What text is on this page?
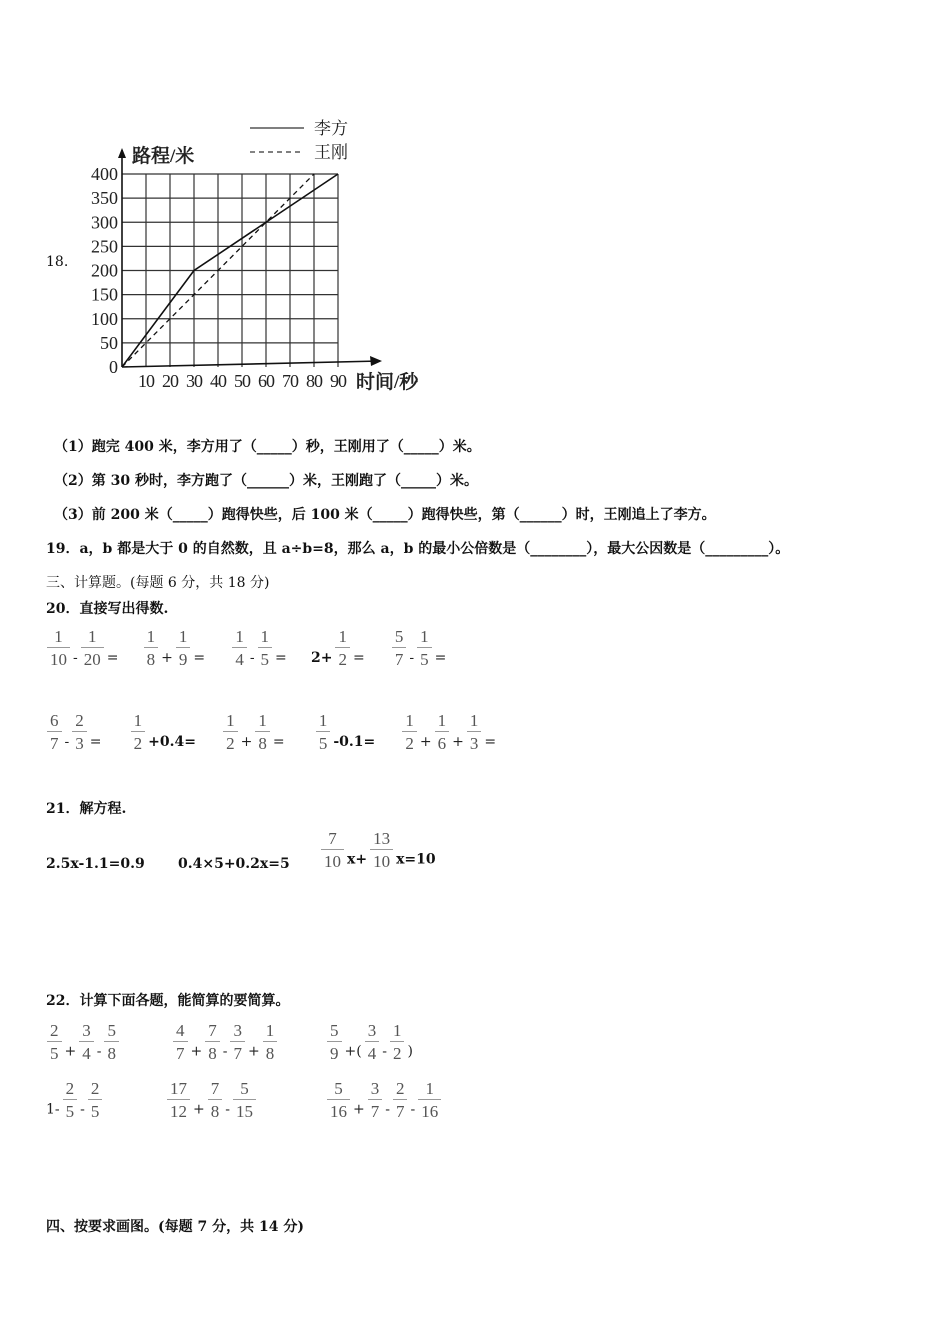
18.
0
50
100
150
200
250
300
350
400
10 20 30 40 50 60 70 80 90
李方
王刚
路程/米
时间/秒
（1）跑完 400 米，李方用了（_____）秒，王刚用了（_____）米。
（2）第 30 秒时，李方跑了（______）米，王刚跑了（_____）米。
（3）前 200 米（_____）跑得快些，后 100 米（_____）跑得快些，第（______）时，王刚追上了李方。
19．a，b 都是大于 0 的自然数，且 a÷b=8，那么 a，b 的最小公倍数是（________），最大公因数是（_________）。
三、计算题。(每题 6 分，共 18 分)
20．直接写出得数.
$\frac{1}{10} - \frac{1}{20} = \frac{1}{8} + \frac{1}{9} = \frac{1}{4} - \frac{1}{5} = 2+ \frac{1}{2} = \frac{5}{7} - \frac{1}{5}$ =
$\frac{6}{7} - \frac{2}{3} = \frac{1}{2} +0.4= \frac{1}{2} + \frac{1}{8} = \frac{1}{5} -0.1= \frac{1}{2} + \frac{1}{6} + \frac{1}{3}$ =
21．解方程.
2.5x-1.1=0.9 $0.4\times 5+0.2x=5 \frac{7}{10} x+ \frac{13}{10} x=10$
22．计算下面各题，能简算的要简算。
$\frac{2}{5} + \frac{3}{4} - \frac{5}{8}$	$\frac{4}{7} + \frac{7}{8} - \frac{3}{7} + \frac{1}{8}$	$\frac{5}{9}$ +( $\frac{3}{4} - \frac{1}{2}$ )
$1- \frac{2}{5} - \frac{2}{5}$	$\frac{17}{12} + \frac{7}{8} - \frac{5}{15}$	$\frac{5}{16} + \frac{3}{7} - \frac{2}{7} - \frac{1}{16}$
四、按要求画图。(每题 7 分，共 14 分)
